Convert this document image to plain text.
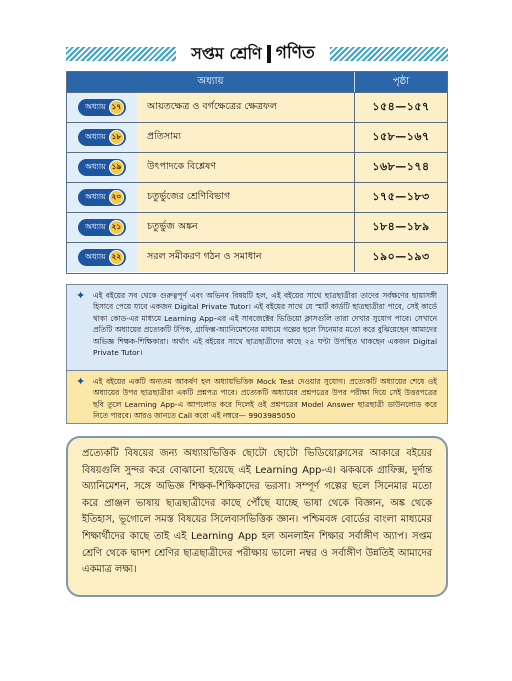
সপ্তম শ্রেণি গণিত
অধ্যায়	পৃষ্ঠা
অধ্যায় ১৭	আয়তক্ষেত্র ও বর্গক্ষেত্রের ক্ষেত্রফল	১৫৪—১৫৭
অধ্যায় ১৮	প্রতিসাম্য	১৫৮—১৬৭
অধ্যায় ১৯	উৎপাদকে বিশ্লেষণ	১৬৮—১৭৪
অধ্যায় ২০	চতুর্ভুজের শ্রেণিবিভাগ	১৭৫—১৮৩
অধ্যায় ২১	চতুর্ভুজ অঙ্কন	১৮৪—১৮৯
অধ্যায় ২২	সরল সমীকরণ গঠন ও সমাধান	১৯০—১৯৩
✦ এই বইয়ের সব থেকে গুরুত্বপূর্ণ এবং অভিনব বিষয়টি হল, এই বইয়ের সাথে ছাত্রছাত্রীরা তাদের সর্বক্ষণের ছায়াসঙ্গী হিসাবে পেয়ে যাবে একজন Digital Private Tutor। এই বইয়ের সাথে যে স্মার্ট কার্ডটি ছাত্রছাত্রীরা পাবে, সেই কার্ডে থাকা কোড-এর মাধ্যমে Learning App-এর এই সাবজেক্টের ভিডিয়ো ক্লাসগুলি তারা দেখার সুযোগ পাবে। সেখানে প্রতিটি অধ্যায়ের প্রত্যেকটি টপিক, গ্রাফিক্স-অ্যানিমেশনের মাধ্যমে গল্পের ছলে সিনেমার মতো করে বুঝিয়েছেন আমাদের অভিজ্ঞ শিক্ষক-শিক্ষিকারা। অর্থাৎ এই বইয়ের সাথে ছাত্রছাত্রীদের কাছে ২৪ ঘণ্টা উপস্থিত থাকছেন একজন Digital Private Tutor।

✦ এই বইয়ের একটি অন্যতম আকর্ষণ হল অধ্যায়ভিত্তিক Mock Test দেওয়ার সুযোগ। প্রত্যেকটি অধ্যায়ের শেষে ওই অধ্যায়ের উপর ছাত্রছাত্রীরা একটি প্রশ্নপত্র পাবে। প্রত্যেকটি অধ্যায়ের প্রশ্নপত্রের উপর পরীক্ষা দিয়ে সেই উত্তরপত্রের ছবি তুলে Learning App-এ আপলোড করে দিলেই ওই প্রশ্নপত্রের Model Answer ছাত্রছাত্রী ডাউনলোড করে নিতে পারবে। আরও জানতে Call করো এই নম্বরে— 9903985050

প্রত্যেকটি বিষয়ের জন্য অধ্যায়ভিত্তিক ছোটো ছোটো ভিডিয়োক্লাসের আকারে বইয়ের বিষয়গুলি সুন্দর করে বোঝানো হয়েছে এই Learning App-এ। ঝকঝকে গ্রাফিক্স, দুর্দান্ত অ্যানিমেশন, সঙ্গে অভিজ্ঞ শিক্ষক-শিক্ষিকাদের ভরসা। সম্পূর্ণ গল্পের ছলে সিনেমার মতো করে প্রাঞ্জল ভাষায় ছাত্রছাত্রীদের কাছে পৌঁছে যাচ্ছে ভাষা থেকে বিজ্ঞান, অঙ্ক থেকে ইতিহাস, ভূগোলে সমস্ত বিষয়ের সিলেবাসভিত্তিক জ্ঞান। পশ্চিমবঙ্গ বোর্ডের বাংলা মাধ্যমের শিক্ষার্থীদের কাছে তাই এই Learning App হল অনলাইন শিক্ষার সর্বাঙ্গীণ অ্যাপ। সপ্তম শ্রেণি থেকে দ্বাদশ শ্রেণির ছাত্রছাত্রীদের পরীক্ষায় ভালো নম্বর ও সর্বাঙ্গীণ উন্নতিই আমাদের একমাত্র লক্ষ্য।
